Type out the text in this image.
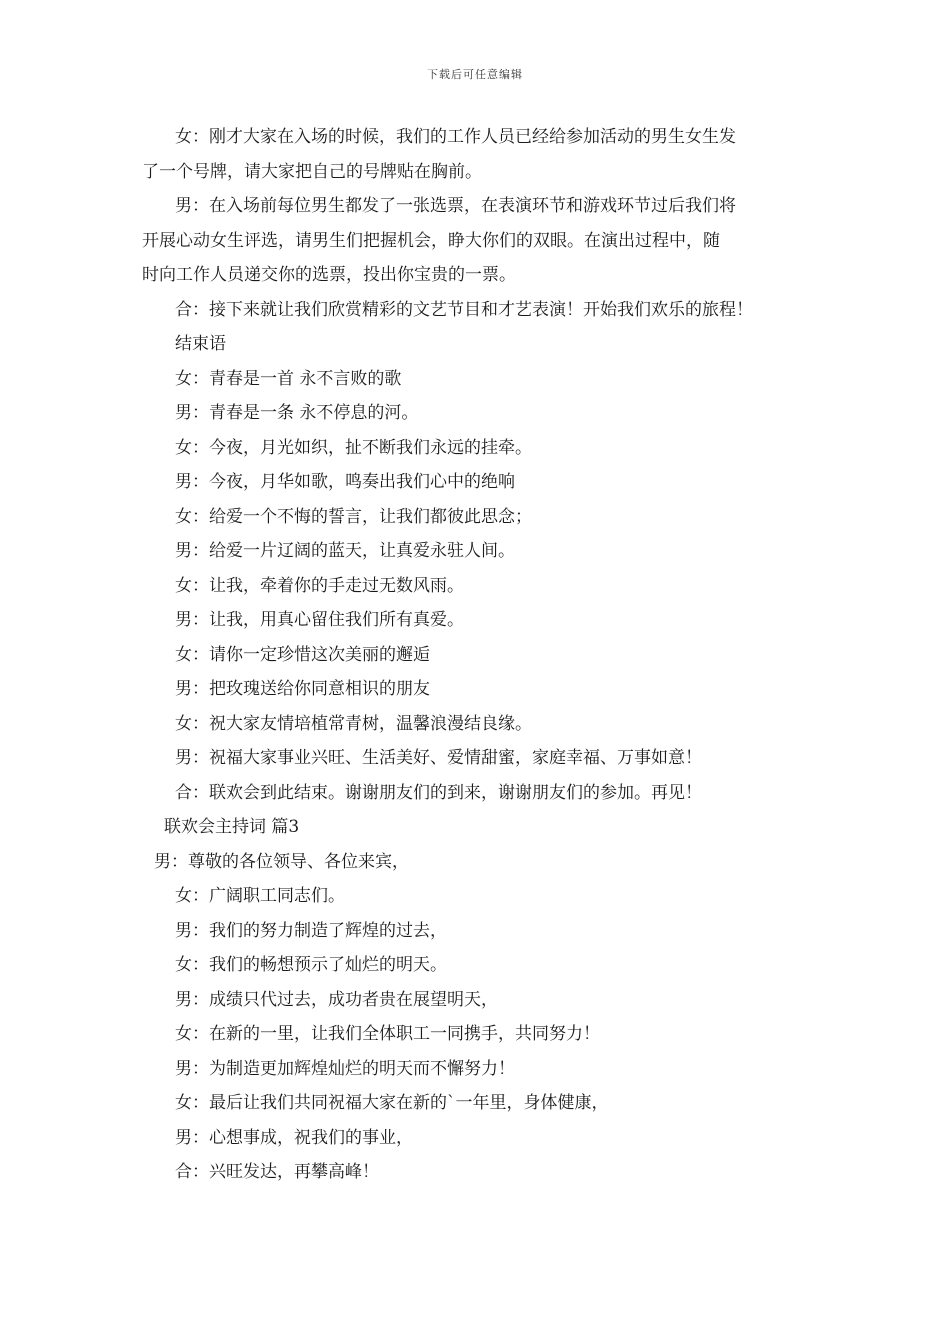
下载后可任意编辑
女：刚才大家在入场的时候，我们的工作人员已经给参加活动的男生女生发
了一个号牌，请大家把自己的号牌贴在胸前。
男：在入场前每位男生都发了一张选票，在表演环节和游戏环节过后我们将
开展心动女生评选，请男生们把握机会，睁大你们的双眼。在演出过程中，随
时向工作人员递交你的选票，投出你宝贵的一票。
合：接下来就让我们欣赏精彩的文艺节目和才艺表演！开始我们欢乐的旅程！
结束语
女：青春是一首 永不言败的歌
男：青春是一条 永不停息的河。
女：今夜，月光如织，扯不断我们永远的挂牵。
男：今夜，月华如歌，鸣奏出我们心中的绝响
女：给爱一个不悔的誓言，让我们都彼此思念；
男：给爱一片辽阔的蓝天，让真爱永驻人间。
女：让我，牵着你的手走过无数风雨。
男：让我，用真心留住我们所有真爱。
女：请你一定珍惜这次美丽的邂逅
男：把玫瑰送给你同意相识的朋友
女：祝大家友情培植常青树，温馨浪漫结良缘。
男：祝福大家事业兴旺、生活美好、爱情甜蜜，家庭幸福、万事如意！
合：联欢会到此结束。谢谢朋友们的到来，谢谢朋友们的参加。再见！
联欢会主持词 篇3
男：尊敬的各位领导、各位来宾，
女：广阔职工同志们。
男：我们的努力制造了辉煌的过去，
女：我们的畅想预示了灿烂的明天。
男：成绩只代过去，成功者贵在展望明天，
女：在新的一里，让我们全体职工一同携手，共同努力！
男：为制造更加辉煌灿烂的明天而不懈努力！
女：最后让我们共同祝福大家在新的`一年里，身体健康，
男：心想事成，祝我们的事业，
合：兴旺发达，再攀高峰！
